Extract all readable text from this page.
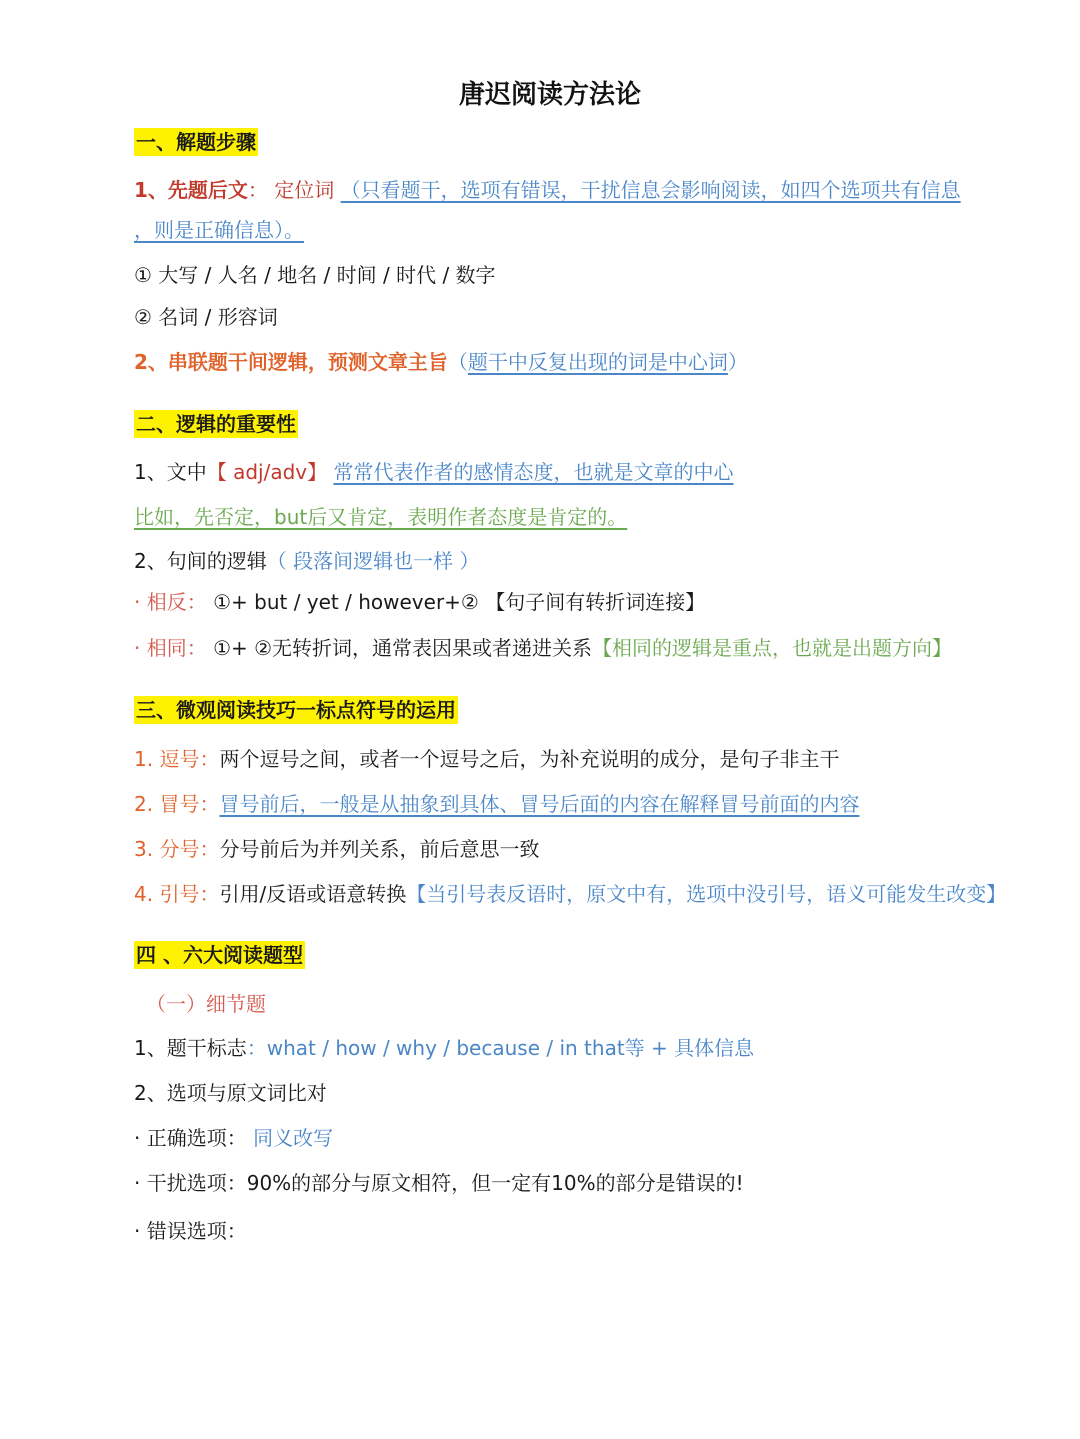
唐迟阅读方法论
一、解题步骤
1、先题后文： 定位词 （只看题干，选项有错误，干扰信息会影响阅读，如四个选项共有信息
，则是正确信息）。
① 大写 / 人名 / 地名 / 时间 / 时代 / 数字
② 名词 / 形容词
2、串联题干间逻辑，预测文章主旨（题干中反复出现的词是中心词）
二、逻辑的重要性
1、文中【 adj/adv】 常常代表作者的感情态度，也就是文章的中心
比如，先否定，but后又肯定，表明作者态度是肯定的。
2、句间的逻辑（ 段落间逻辑也一样 ）
· 相反： ①+ but / yet / however+② 【句子间有转折词连接】
· 相同： ①+ ②无转折词，通常表因果或者递进关系【相同的逻辑是重点，也就是出题方向】
三、微观阅读技巧一标点符号的运用
1. 逗号：两个逗号之间，或者一个逗号之后，为补充说明的成分，是句子非主干
2. 冒号：冒号前后，一般是从抽象到具体、冒号后面的内容在解释冒号前面的内容
3. 分号：分号前后为并列关系，前后意思一致
4. 引号：引用/反语或语意转换【当引号表反语时，原文中有，选项中没引号，语义可能发生改变】
四 、六大阅读题型
（一）细节题
1、题干标志：what / how / why / because / in that等 + 具体信息
2、选项与原文词比对
· 正确选项： 同义改写
· 干扰选项：90%的部分与原文相符，但一定有10%的部分是错误的!
· 错误选项：
